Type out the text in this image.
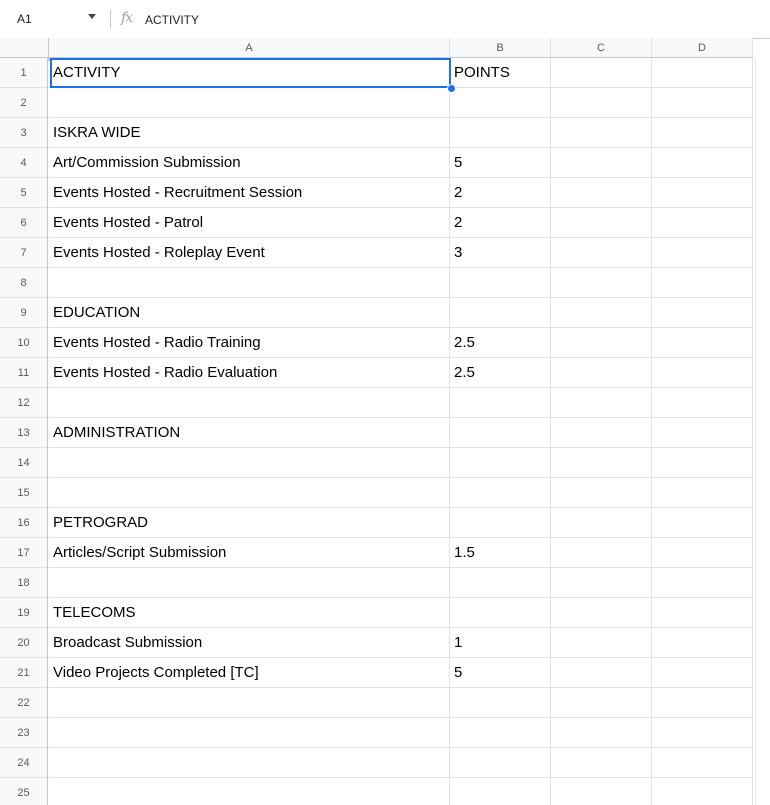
A1	fx ACTIVITY
A	B	C	D
1	ACTIVITY	POINTS
2
3	ISKRA WIDE
4	Art/Commission Submission	5
5	Events Hosted - Recruitment Session	2
6	Events Hosted - Patrol	2
7	Events Hosted - Roleplay Event	3
8
9	EDUCATION
10	Events Hosted - Radio Training	2.5
11	Events Hosted - Radio Evaluation	2.5
12
13	ADMINISTRATION
14
15
16	PETROGRAD
17	Articles/Script Submission	1.5
18
19	TELECOMS
20	Broadcast Submission	1
21	Video Projects Completed [TC]	5
22
23
24
25
